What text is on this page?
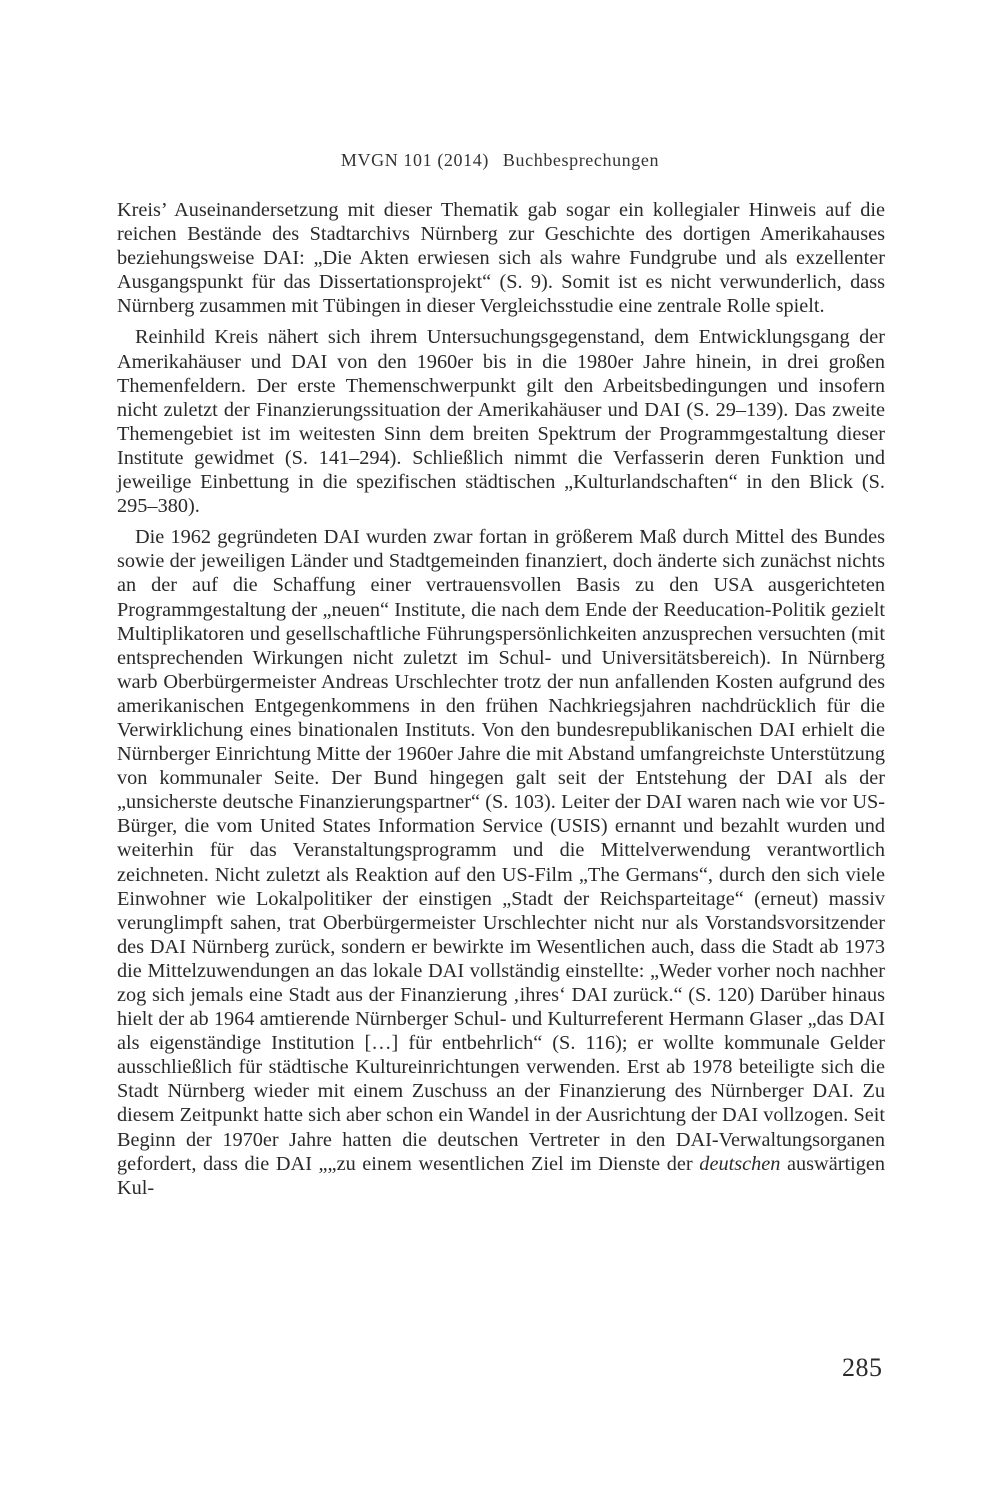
MVGN 101 (2014) Buchbesprechungen

Kreis’ Auseinandersetzung mit dieser Thematik gab sogar ein kollegialer Hinweis auf die reichen Bestände des Stadtarchivs Nürnberg zur Geschichte des dortigen Amerikahauses beziehungsweise DAI: „Die Akten erwiesen sich als wahre Fundgrube und als exzellenter Ausgangspunkt für das Dissertationsprojekt“ (S. 9). Somit ist es nicht verwunderlich, dass Nürnberg zusammen mit Tübingen in dieser Vergleichsstudie eine zentrale Rolle spielt.

Reinhild Kreis nähert sich ihrem Untersuchungsgegenstand, dem Entwicklungsgang der Amerikahäuser und DAI von den 1960er bis in die 1980er Jahre hinein, in drei großen Themenfeldern. Der erste Themenschwerpunkt gilt den Arbeitsbedingungen und insofern nicht zuletzt der Finanzierungssituation der Amerikahäuser und DAI (S. 29–139). Das zweite Themengebiet ist im weitesten Sinn dem breiten Spektrum der Programmgestaltung dieser Institute gewidmet (S. 141–294). Schließlich nimmt die Verfasserin deren Funktion und jeweilige Einbettung in die spezifischen städtischen „Kulturlandschaften“ in den Blick (S. 295–380).

Die 1962 gegründeten DAI wurden zwar fortan in größerem Maß durch Mittel des Bundes sowie der jeweiligen Länder und Stadtgemeinden finanziert, doch änderte sich zunächst nichts an der auf die Schaffung einer vertrauensvollen Basis zu den USA ausgerichteten Programmgestaltung der „neuen“ Institute, die nach dem Ende der Reeducation-Politik gezielt Multiplikatoren und gesellschaftliche Führungspersönlichkeiten anzusprechen versuchten (mit entsprechenden Wirkungen nicht zuletzt im Schul- und Universitätsbereich). In Nürnberg warb Oberbürgermeister Andreas Urschlechter trotz der nun anfallenden Kosten aufgrund des amerikanischen Entgegenkommens in den frühen Nachkriegsjahren nachdrücklich für die Verwirklichung eines binationalen Instituts. Von den bundesrepublikanischen DAI erhielt die Nürnberger Einrichtung Mitte der 1960er Jahre die mit Abstand umfangreichste Unterstützung von kommunaler Seite. Der Bund hingegen galt seit der Entstehung der DAI als der „unsicherste deutsche Finanzierungspartner“ (S. 103). Leiter der DAI waren nach wie vor US-Bürger, die vom United States Information Service (USIS) ernannt und bezahlt wurden und weiterhin für das Veranstaltungsprogramm und die Mittelverwendung verantwortlich zeichneten. Nicht zuletzt als Reaktion auf den US-Film „The Germans“, durch den sich viele Einwohner wie Lokalpolitiker der einstigen „Stadt der Reichsparteitage“ (erneut) massiv verunglimpft sahen, trat Oberbürgermeister Urschlechter nicht nur als Vorstandsvorsitzender des DAI Nürnberg zurück, sondern er bewirkte im Wesentlichen auch, dass die Stadt ab 1973 die Mittelzuwendungen an das lokale DAI vollständig einstellte: „Weder vorher noch nachher zog sich jemals eine Stadt aus der Finanzierung ‚ihres‘ DAI zurück.“ (S. 120) Darüber hinaus hielt der ab 1964 amtierende Nürnberger Schul- und Kulturreferent Hermann Glaser „das DAI als eigenständige Institution […] für entbehrlich“ (S. 116); er wollte kommunale Gelder ausschließlich für städtische Kultureinrichtungen verwenden. Erst ab 1978 beteiligte sich die Stadt Nürnberg wieder mit einem Zuschuss an der Finanzierung des Nürnberger DAI. Zu diesem Zeitpunkt hatte sich aber schon ein Wandel in der Ausrichtung der DAI vollzogen. Seit Beginn der 1970er Jahre hatten die deutschen Vertreter in den DAI-Verwaltungsorganen gefordert, dass die DAI „„zu einem wesentlichen Ziel im Dienste der deutschen auswärtigen Kul-

285
